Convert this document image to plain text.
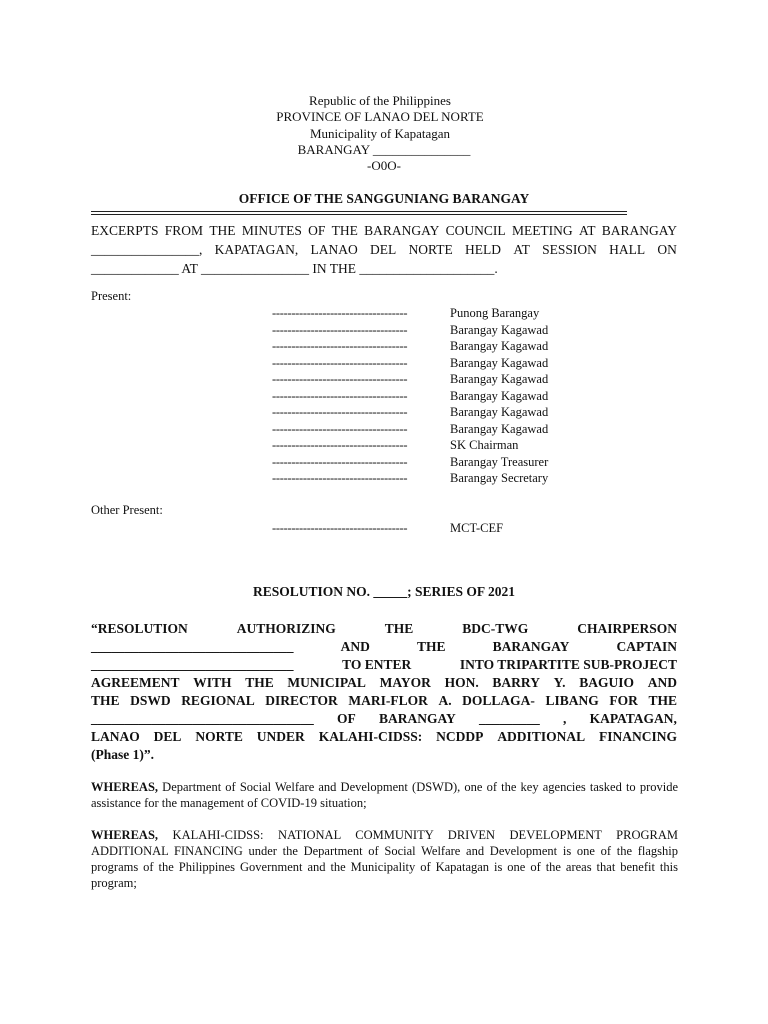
Republic of the Philippines
PROVINCE OF LANAO DEL NORTE
Municipality of Kapatagan
BARANGAY _______________
-O0O-
OFFICE OF THE SANGGUNIANG BARANGAY
EXCERPTS FROM THE MINUTES OF THE BARANGAY COUNCIL MEETING AT BARANGAY
________________, KAPATAGAN, LANAO DEL NORTE HELD AT SESSION HALL ON
_____________ AT ________________ IN THE ____________________.
Present:
-----------------------------------	Punong Barangay
-----------------------------------	Barangay Kagawad
-----------------------------------	Barangay Kagawad
-----------------------------------	Barangay Kagawad
-----------------------------------	Barangay Kagawad
-----------------------------------	Barangay Kagawad
-----------------------------------	Barangay Kagawad
-----------------------------------	Barangay Kagawad
-----------------------------------	SK Chairman
-----------------------------------	Barangay Treasurer
-----------------------------------	Barangay Secretary
Other Present:
-----------------------------------	MCT-CEF
RESOLUTION NO. _____; SERIES OF 2021
“RESOLUTION	AUTHORIZING	THE	BDC-TWG	CHAIRPERSON
______________________________	AND	THE	BARANGAY	CAPTAIN
______________________________	TO ENTER	INTO TRIPARTITE SUB-PROJECT
AGREEMENT WITH THE MUNICIPAL MAYOR HON. BARRY Y. BAGUIO AND
THE DSWD REGIONAL DIRECTOR MARI-FLOR A. DOLLAGA- LIBANG FOR THE
_________________________________ OF BARANGAY _________ , KAPATAGAN,
LANAO DEL NORTE UNDER KALAHI-CIDSS: NCDDP ADDITIONAL FINANCING
(Phase 1)”.
WHEREAS, Department of Social Welfare and Development (DSWD), one of the key agencies tasked to provide assistance for the management of COVID-19 situation;
WHEREAS, KALAHI-CIDSS: NATIONAL COMMUNITY DRIVEN DEVELOPMENT PROGRAM ADDITIONAL FINANCING under the Department of Social Welfare and Development is one of the flagship programs of the Philippines Government and the Municipality of Kapatagan is one of the areas that benefit this program;
